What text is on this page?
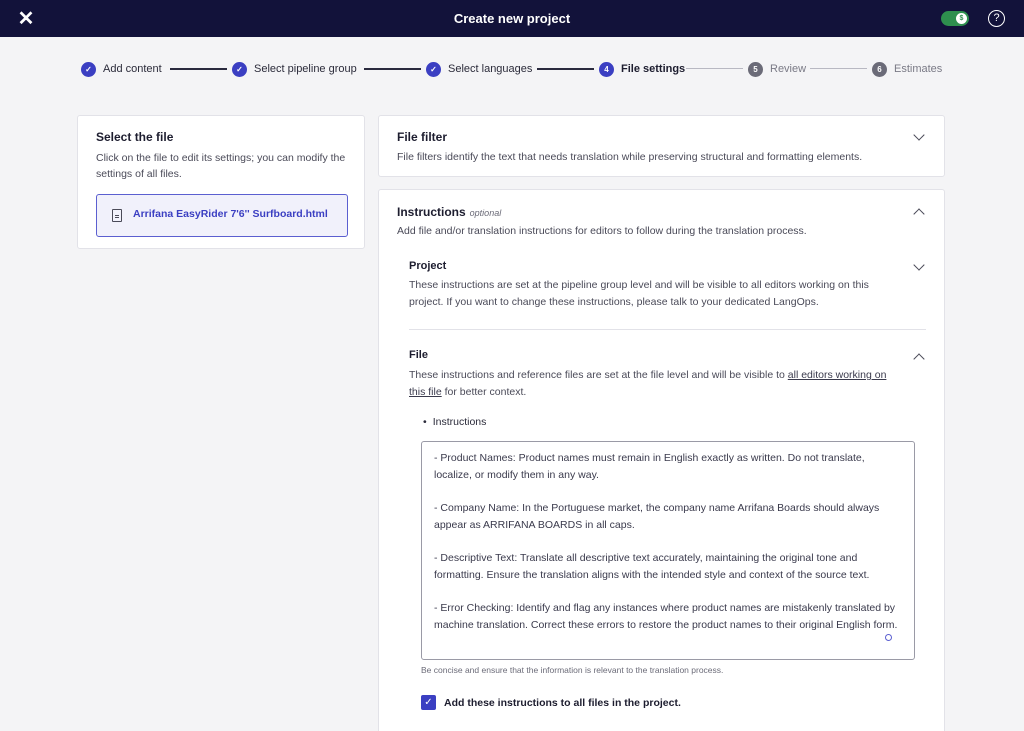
✕	Create new project	$	?
✓	Add content	✓	Select pipeline group	✓	Select languages	4	File settings	5	Review	6	Estimates
Select the file
Click on the file to edit its settings; you can modify the settings of all files.
Arrifana EasyRider 7'6'' Surfboard.html
File filter
File filters identify the text that needs translation while preserving structural and formatting elements.
Instructions optional
Add file and/or translation instructions for editors to follow during the translation process.
Project
These instructions are set at the pipeline group level and will be visible to all editors working on this project. If you want to change these instructions, please talk to your dedicated LangOps.
File
These instructions and reference files are set at the file level and will be visible to all editors working on this file for better context.
• Instructions

- Product Names: Product names must remain in English exactly as written. Do not translate, localize, or modify them in any way.

- Company Name: In the Portuguese market, the company name Arrifana Boards should always appear as ARRIFANA BOARDS in all caps.

- Descriptive Text: Translate all descriptive text accurately, maintaining the original tone and formatting. Ensure the translation aligns with the intended style and context of the source text.

- Error Checking: Identify and flag any instances where product names are mistakenly translated by machine translation. Correct these errors to restore the product names to their original English form.

Be concise and ensure that the information is relevant to the translation process.
✓	Add these instructions to all files in the project.
